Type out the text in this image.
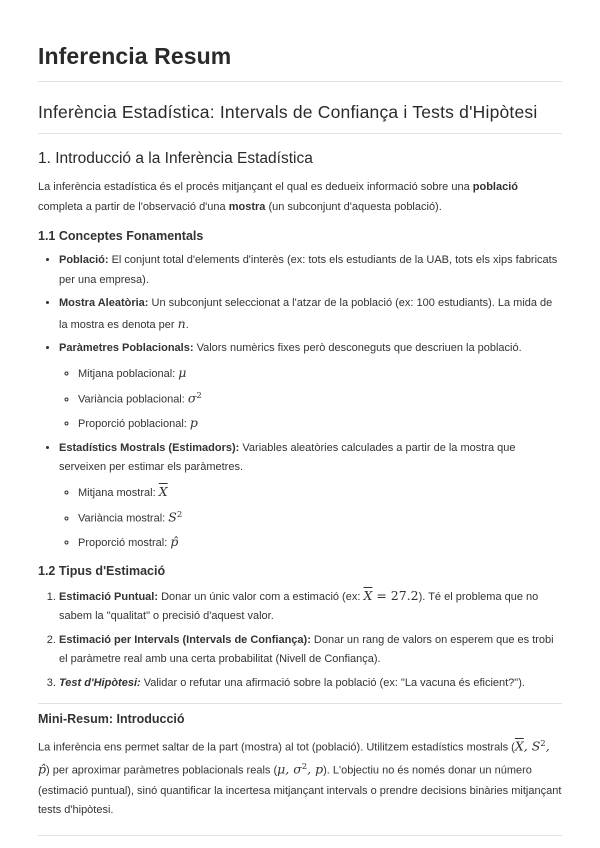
Inferencia Resum
Inferència Estadística: Intervals de Confiança i Tests d'Hipòtesi
1. Introducció a la Inferència Estadística

La inferència estadística és el procés mitjançant el qual es dedueix informació sobre una població completa a partir de l'observació d'una mostra (un subconjunt d'aquesta població).

1.1 Conceptes Fonamentals
• Població: El conjunt total d'elements d'interès (ex: tots els estudiants de la UAB, tots els xips fabricats per una empresa).
• Mostra Aleatòria: Un subconjunt seleccionat a l'atzar de la població (ex: 100 estudiants). La mida de la mostra es denota per n.
• Paràmetres Poblacionals: Valors numèrics fixes però desconeguts que descriuen la població.
◦ Mitjana poblacional: μ
◦ Variància poblacional: $\sigma^2$
◦ Proporció poblacional: p
• Estadístics Mostrals (Estimadors): Variables aleatòries calculades a partir de la mostra que serveixen per estimar els paràmetres.
◦ Mitjana mostral: $\overline{X}$
◦ Variància mostral: $S^2$
◦ Proporció mostral: p̂
1.2 Tipus d'Estimació
1. Estimació Puntual: Donar un únic valor com a estimació (ex: $\overline{X} = 27.2$). Té el problema que no sabem la "qualitat" o precisió d'aquest valor.
2. Estimació per Intervals (Intervals de Confiança): Donar un rang de valors on esperem que es trobi el paràmetre real amb una certa probabilitat (Nivell de Confiança).
3. Test d'Hipòtesi: Validar o refutar una afirmació sobre la població (ex: "La vacuna és eficient?").
Mini-Resum: Introducció

La inferència ens permet saltar de la part (mostra) al tot (població). Utilitzem estadístics mostrals ($\overline{X}$, $S^2$, p̂) per aproximar paràmetres poblacionals reals (μ, $\sigma^2$, p). L'objectiu no és només donar un número (estimació puntual), sinó quantificar la incertesa mitjançant intervals o prendre decisions binàries mitjançant tests d'hipòtesi.
